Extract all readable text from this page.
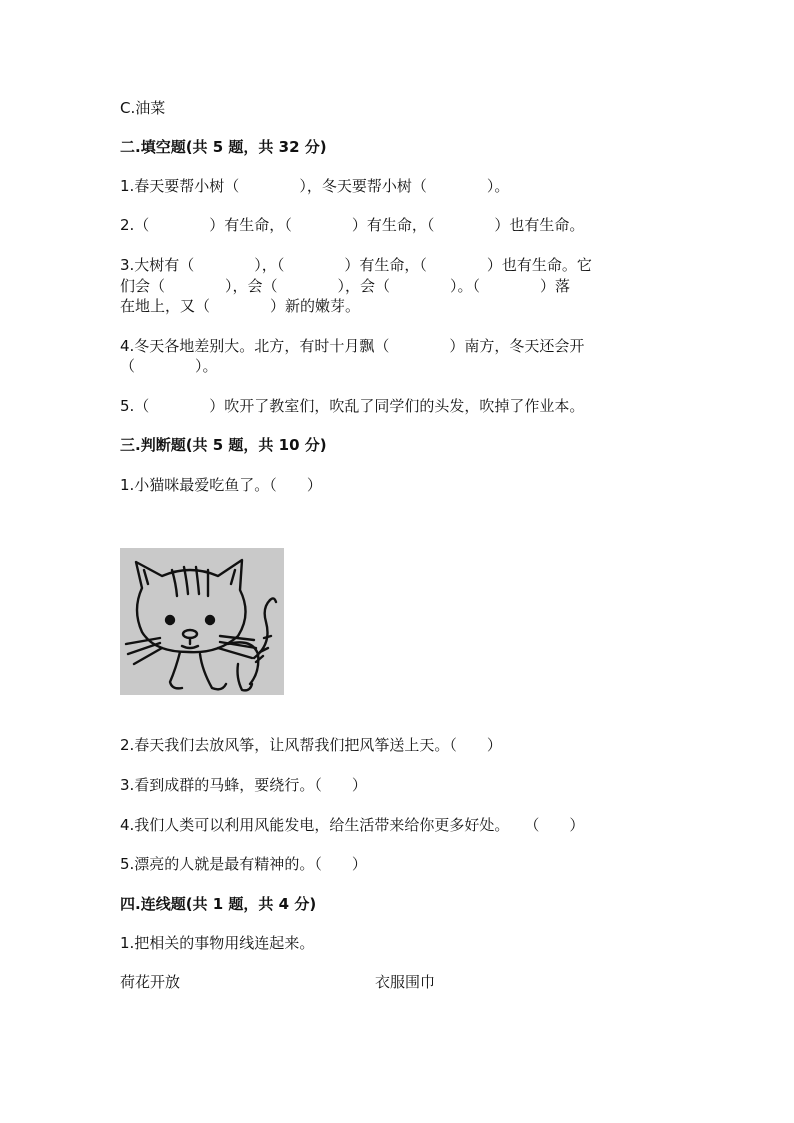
C.油菜
二.填空题(共 5 题，共 32 分)
1.春天要帮小树（　　　　），冬天要帮小树（　　　　）。
2.（　　　　）有生命，（　　　　）有生命，（　　　　）也有生命。
3.大树有（　　　　），（　　　　）有生命，（　　　　）也有生命。它
们会（　　　　），会（　　　　），会（　　　　）。（　　　　）落
在地上，又（　　　　）新的嫩芽。
4.冬天各地差别大。北方，有时十月飘（　　　　）南方，冬天还会开
（　　　　）。
5.（　　　　）吹开了教室们，吹乱了同学们的头发，吹掉了作业本。
三.判断题(共 5 题，共 10 分)
1.小猫咪最爱吃鱼了。（　　）
2.春天我们去放风筝，让风帮我们把风筝送上天。（　　）
3.看到成群的马蜂，要绕行。（　　）
4.我们人类可以利用风能发电，给生活带来给你更多好处。　　（　　）
5.漂亮的人就是最有精神的。（　　）
四.连线题(共 1 题，共 4 分)
1.把相关的事物用线连起来。
荷花开放	衣服围巾
